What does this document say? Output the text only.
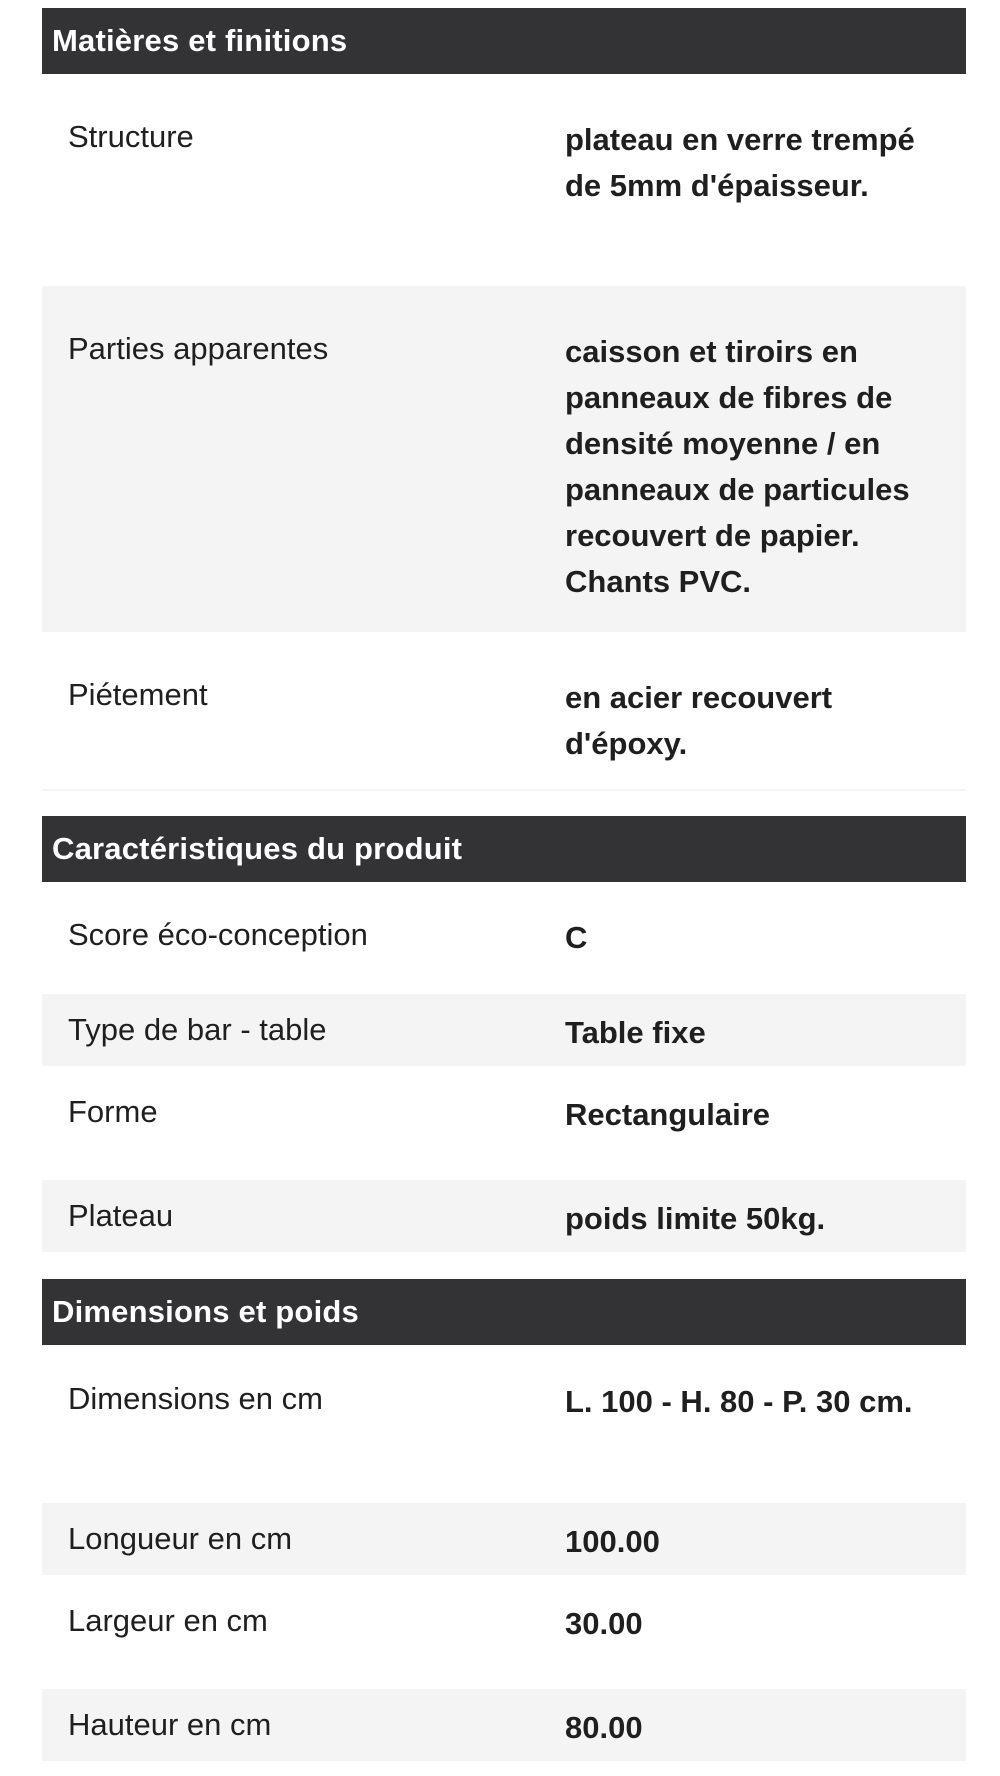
Matières et finitions
Structure	plateau en verre trempé de 5mm d'épaisseur.
Parties apparentes	caisson et tiroirs en panneaux de fibres de densité moyenne / en panneaux de particules recouvert de papier. Chants PVC.
Piétement	en acier recouvert d'époxy.
Caractéristiques du produit
Score éco-conception	C
Type de bar - table	Table fixe
Forme	Rectangulaire
Plateau	poids limite 50kg.
Dimensions et poids
Dimensions en cm	L. 100 - H. 80 - P. 30 cm.
Longueur en cm	100.00
Largeur en cm	30.00
Hauteur en cm	80.00
